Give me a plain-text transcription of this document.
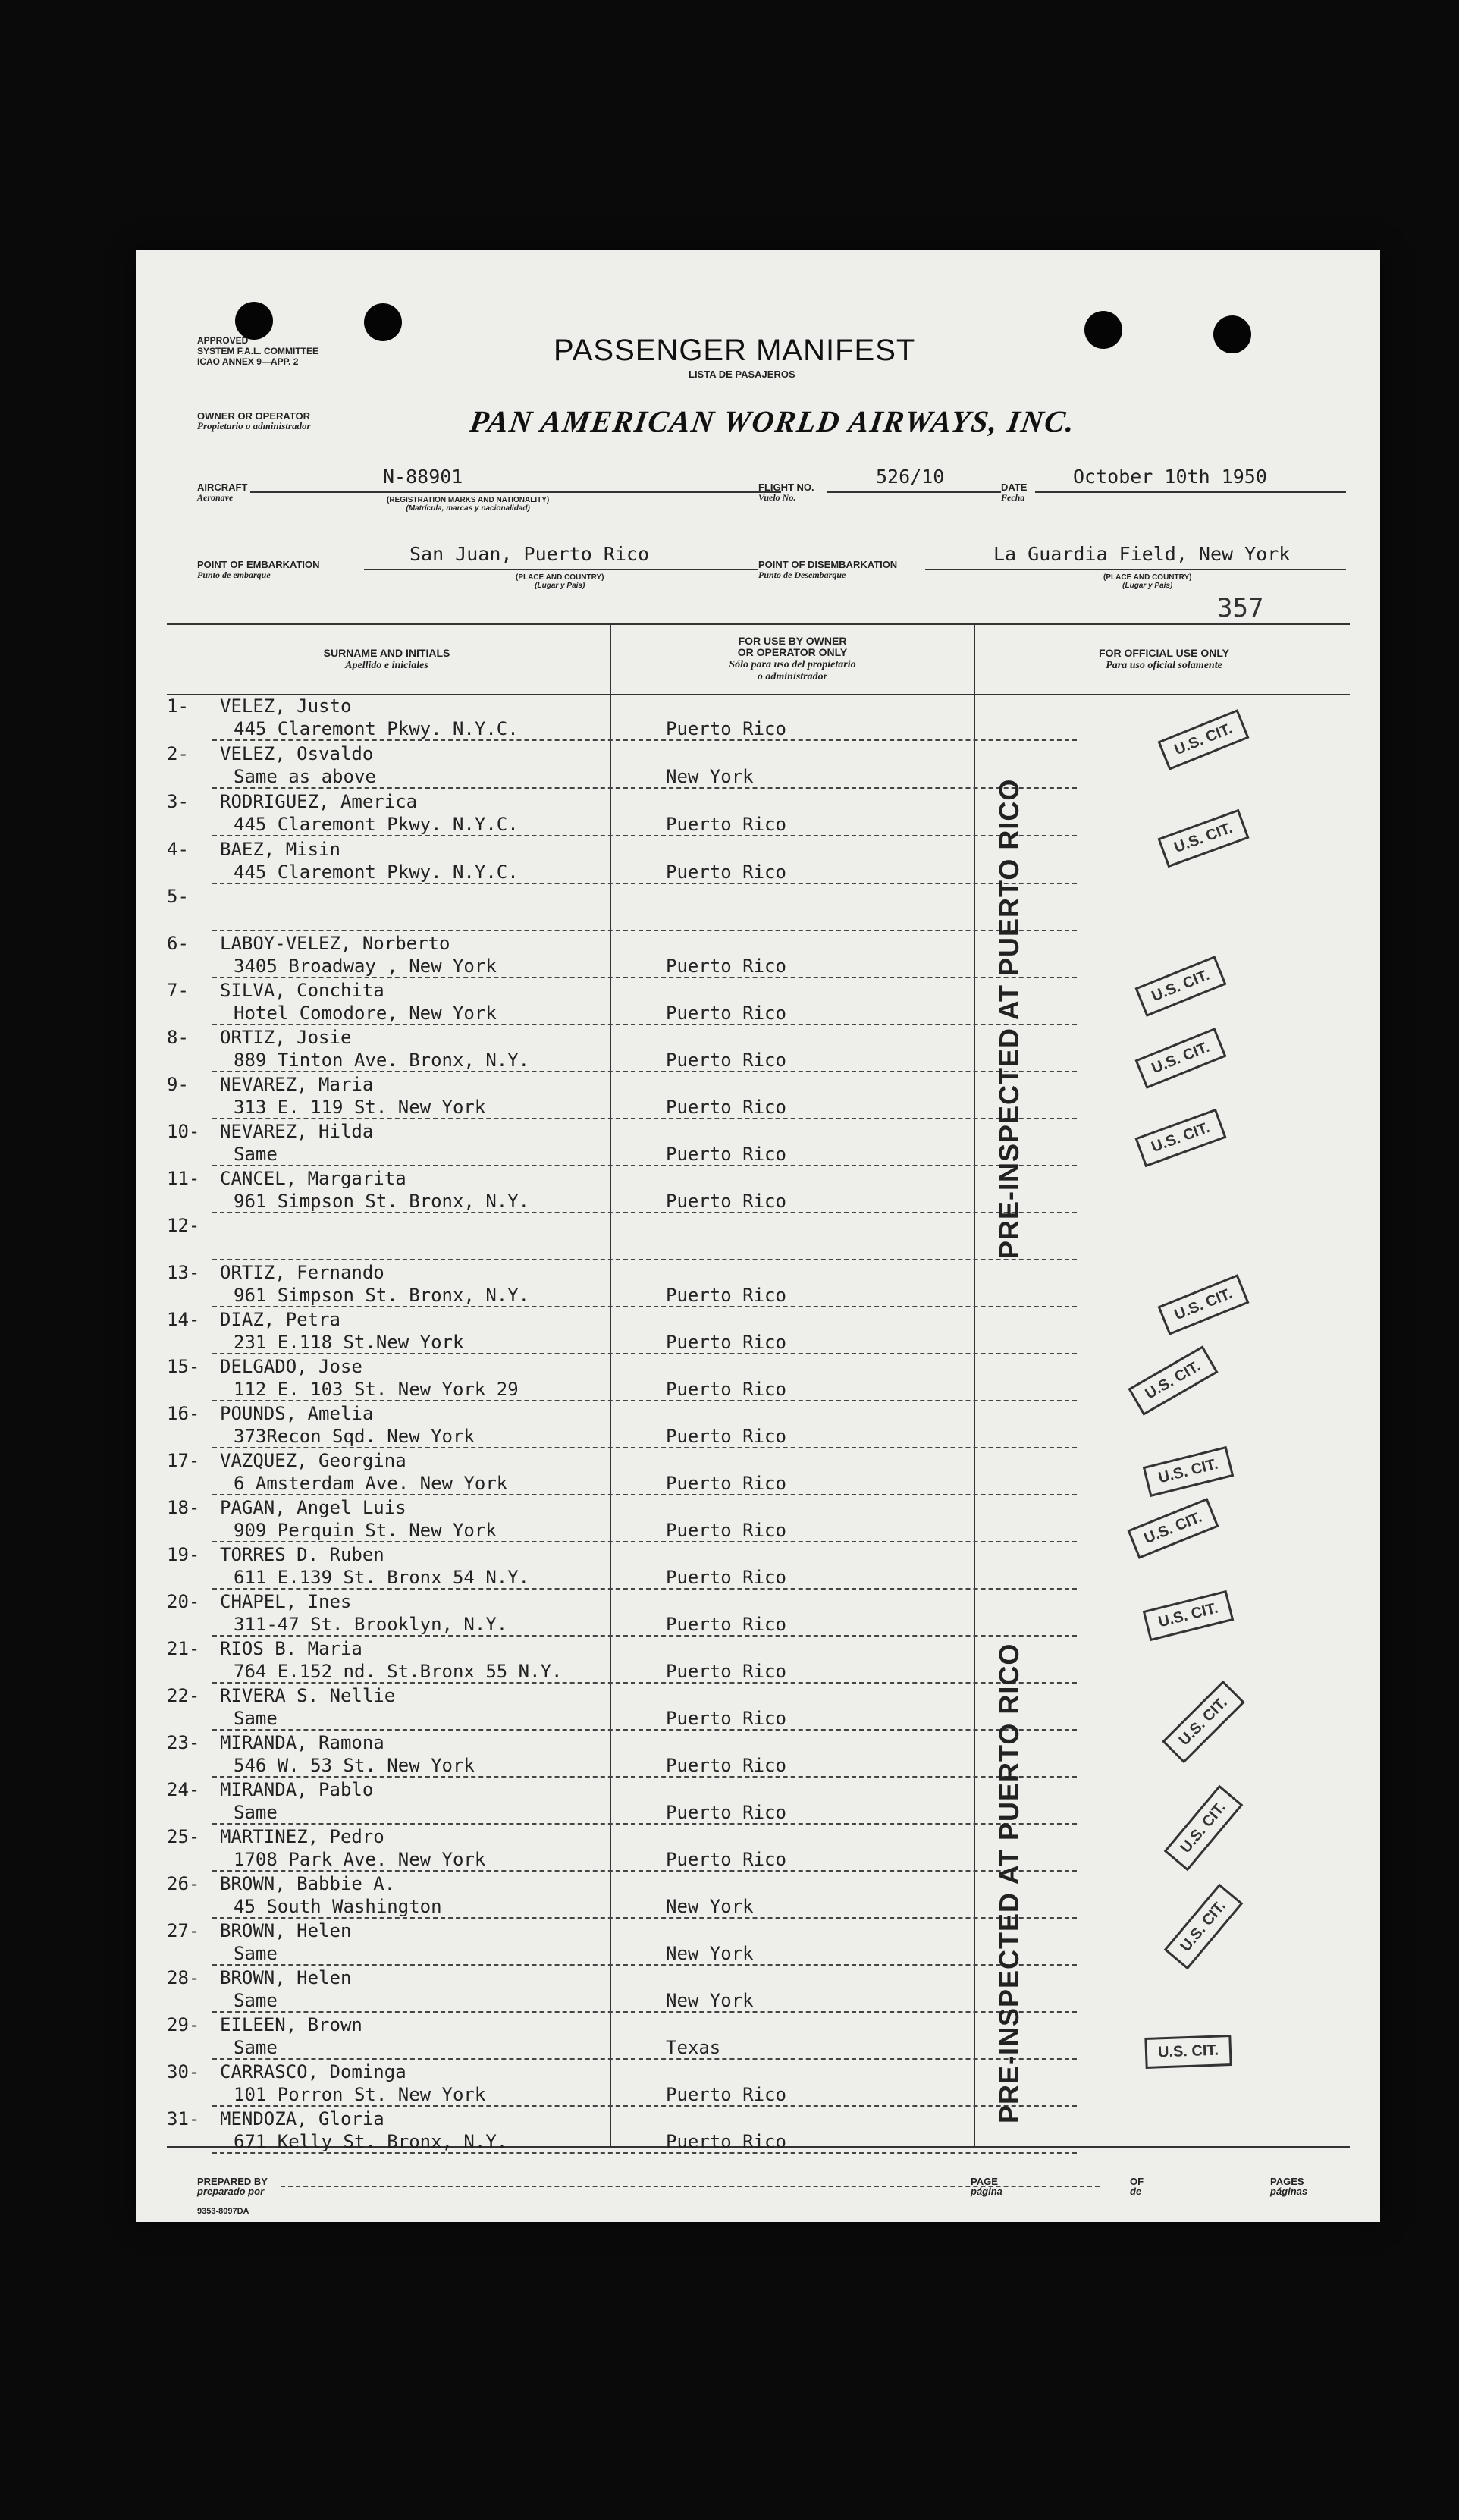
APPROVED
SYSTEM F.A.L. COMMITTEE
ICAO ANNEX 9—APP. 2	PASSENGER MANIFEST
LISTA DE PASAJEROS
OWNER OR OPERATOR
Propietario o administrador	PAN AMERICAN WORLD AIRWAYS, INC.
AIRCRAFT
Aeronave
N-88901
(REGISTRATION MARKS AND NATIONALITY)
(Matrícula, marcas y nacionalidad)
FLIGHT NO.
Vuelo No.
526/10	DATE
Fecha
October 10th 1950
POINT OF EMBARKATION
Punto de embarque
San Juan, Puerto Rico
(PLACE AND COUNTRY)
(Lugar y País)
POINT OF DISEMBARKATION
Punto de Desembarque
La Guardia Field, New York
(PLACE AND COUNTRY)
(Lugar y País)
357
SURNAME AND INITIALS
Apellido e iniciales
FOR USE BY OWNER
OR OPERATOR ONLY
Sólo para uso del propietario
o administrador
FOR OFFICIAL USE ONLY
Para uso oficial solamente
1- VELEZ, Justo
445 Claremont Pkwy. N.Y.C.	Puerto Rico
2- VELEZ, Osvaldo
Same as above	New York
3- RODRIGUEZ, America
445 Claremont Pkwy. N.Y.C.	Puerto Rico
4- BAEZ, Misin
445 Claremont Pkwy. N.Y.C.	Puerto Rico
5-
6- LABOY-VELEZ, Norberto
3405 Broadway , New York	Puerto Rico
7- SILVA, Conchita
Hotel Comodore, New York	Puerto Rico
8- ORTIZ, Josie
889 Tinton Ave. Bronx, N.Y.	Puerto Rico
9- NEVAREZ, Maria
313 E. 119 St. New York	Puerto Rico
10- NEVAREZ, Hilda
Same	Puerto Rico
11- CANCEL, Margarita
961 Simpson St. Bronx, N.Y.	Puerto Rico
12-
13- ORTIZ, Fernando
961 Simpson St. Bronx, N.Y.	Puerto Rico
14- DIAZ, Petra
231 E.118 St.New York	Puerto Rico
15- DELGADO, Jose
112 E. 103 St. New York 29	Puerto Rico
16- POUNDS, Amelia
373Recon Sqd. New York	Puerto Rico
17- VAZQUEZ, Georgina
6 Amsterdam Ave. New York	Puerto Rico
18- PAGAN, Angel Luis
909 Perquin St. New York	Puerto Rico
19- TORRES D. Ruben
611 E.139 St. Bronx 54 N.Y.	Puerto Rico
20- CHAPEL, Ines
311-47 St. Brooklyn, N.Y.	Puerto Rico
21- RIOS B. Maria
764 E.152 nd. St.Bronx 55 N.Y.	Puerto Rico
22- RIVERA S. Nellie
Same	Puerto Rico
23- MIRANDA, Ramona
546 W. 53 St. New York	Puerto Rico
24- MIRANDA, Pablo
Same	Puerto Rico
25- MARTINEZ, Pedro
1708 Park Ave. New York	Puerto Rico
26- BROWN, Babbie A.
45 South Washington	New York
27- BROWN, Helen
Same	New York
28- BROWN, Helen
Same	New York
29- EILEEN, Brown
Same	Texas
30- CARRASCO, Dominga
101 Porron St. New York	Puerto Rico
31- MENDOZA, Gloria
671 Kelly St. Bronx, N.Y.	Puerto Rico
PRE-INSPECTED AT PUERTO RICO
PRE-INSPECTED AT PUERTO RICO
U.S. CIT.
U.S. CIT.
U.S. CIT.
U.S. CIT.
U.S. CIT.
U.S. CIT.
U.S. CIT.
U.S. CIT.
U.S. CIT.
U.S. CIT.
U.S. CIT.
U.S. CIT.
U.S. CIT.
U.S. CIT.
PREPARED BY
preparado por
PAGE
página
OF
de
PAGES
páginas
9353-8097DA
